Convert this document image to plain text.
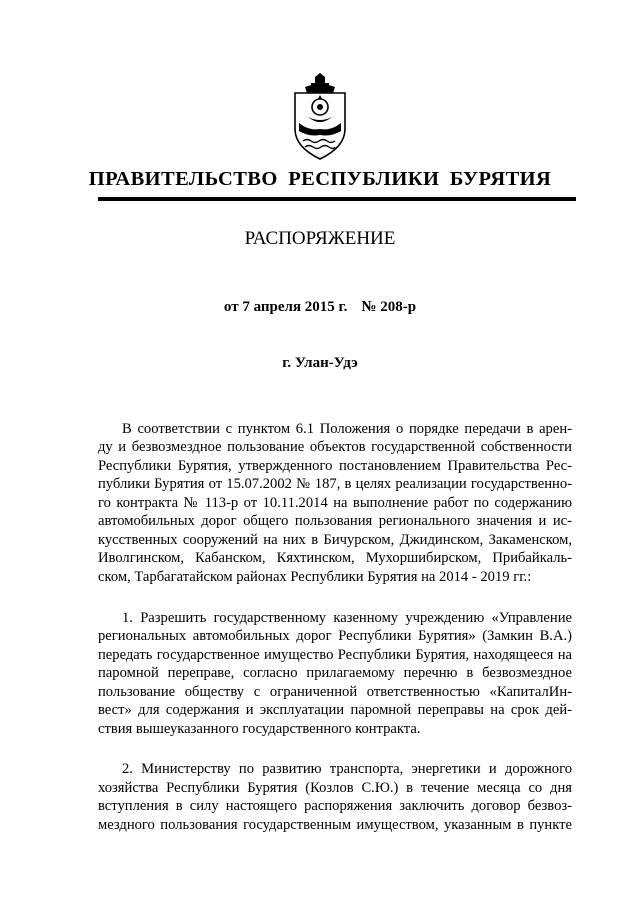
ПРАВИТЕЛЬСТВО РЕСПУБЛИКИ БУРЯТИЯ
РАСПОРЯЖЕНИЕ
от 7 апреля 2015 г. № 208-р
г. Улан-Удэ
В соответствии с пунктом 6.1 Положения о порядке передачи в арен-
ду и безвозмездное пользование объектов государственной собственности
Республики Бурятия, утвержденного постановлением Правительства Рес-
публики Бурятия от 15.07.2002 № 187, в целях реализации государственно-
го контракта № 113-р от 10.11.2014 на выполнение работ по содержанию
автомобильных дорог общего пользования регионального значения и ис-
кусственных сооружений на них в Бичурском, Джидинском, Закаменском,
Иволгинском, Кабанском, Кяхтинском, Мухоршибирском, Прибайкаль-
ском, Тарбагатайском районах Республики Бурятия на 2014 - 2019 гг.:
1. Разрешить государственному казенному учреждению «Управление
региональных автомобильных дорог Республики Бурятия» (Замкин В.А.)
передать государственное имущество Республики Бурятия, находящееся на
паромной переправе, согласно прилагаемому перечню в безвозмездное
пользование обществу с ограниченной ответственностью «КапиталИн-
вест» для содержания и эксплуатации паромной переправы на срок дей-
ствия вышеуказанного государственного контракта.
2. Министерству по развитию транспорта, энергетики и дорожного
хозяйства Республики Бурятия (Козлов С.Ю.) в течение месяца со дня
вступления в силу настоящего распоряжения заключить договор безвоз-
мездного пользования государственным имуществом, указанным в пункте
